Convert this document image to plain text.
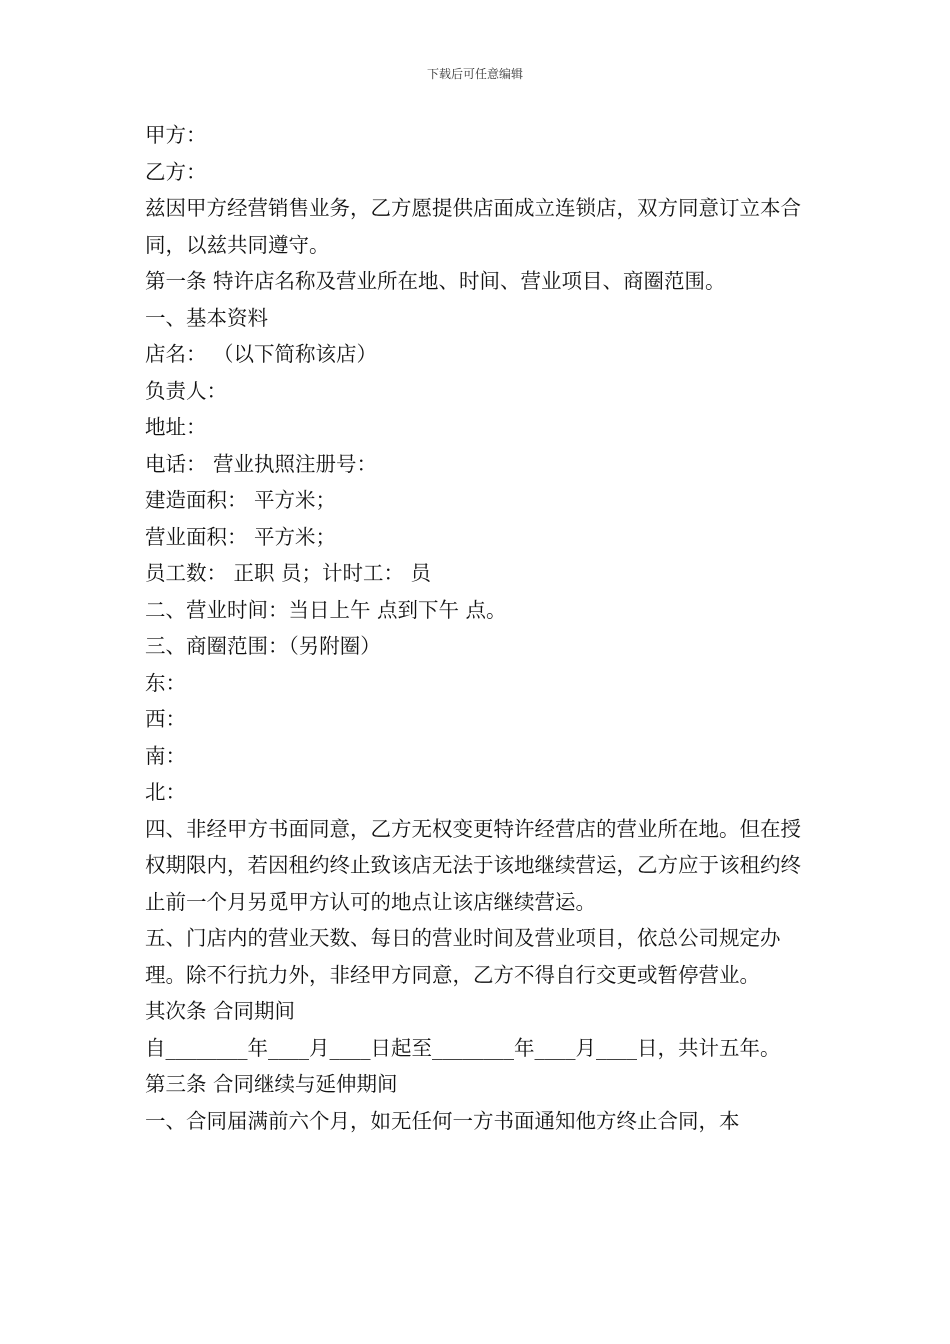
下载后可任意编辑

甲方：

乙方：

兹因甲方经营销售业务，乙方愿提供店面成立连锁店，双方同意订立本合同，以兹共同遵守。

第一条 特许店名称及营业所在地、时间、营业项目、商圈范围。

一、基本资料

店名： （以下简称该店）

负责人：

地址：

电话： 营业执照注册号：

建造面积： 平方米；

营业面积： 平方米；

员工数： 正职 员；计时工： 员

二、营业时间：当日上午 点到下午 点。

三、商圈范围：（另附圈）

东：

西：

南：

北：

四、非经甲方书面同意，乙方无权变更特许经营店的营业所在地。但在授权期限内，若因租约终止致该店无法于该地继续营运，乙方应于该租约终止前一个月另觅甲方认可的地点让该店继续营运。

五、门店内的营业天数、每日的营业时间及营业项目，依总公司规定办理。除不行抗力外，非经甲方同意，乙方不得自行交更或暂停营业。

其次条 合同期间

自________年____月____日起至________年____月____日，共计五年。

第三条 合同继续与延伸期间

一、合同届满前六个月，如无任何一方书面通知他方终止合同，本
